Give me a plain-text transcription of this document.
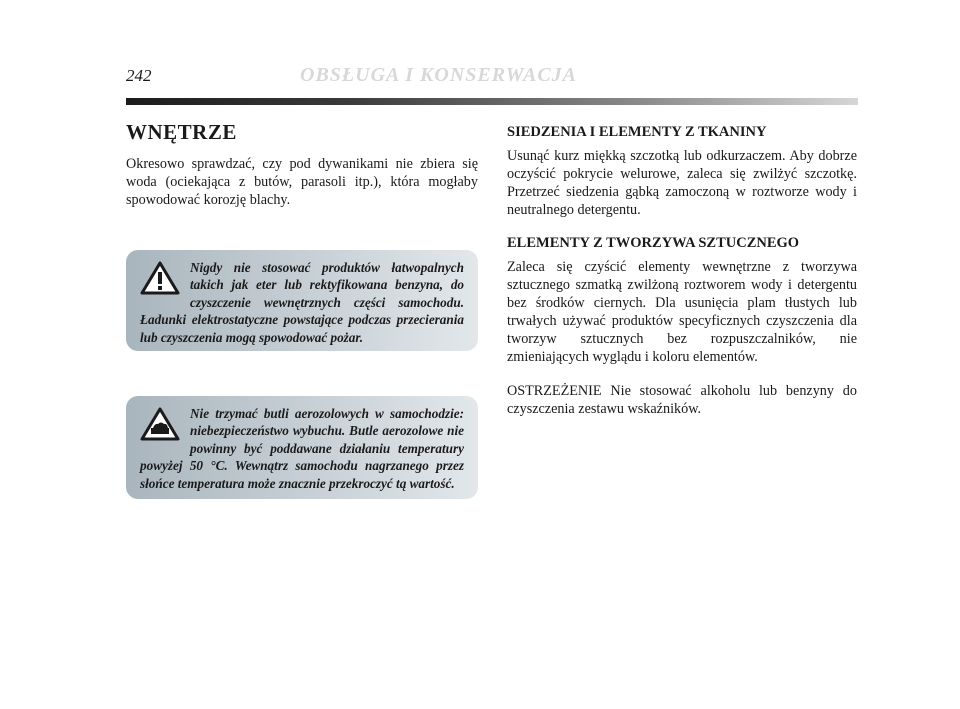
242	OBSŁUGA I KONSERWACJA
WNĘTRZE

Okresowo sprawdzać, czy pod dywanikami nie zbiera się woda (ociekająca z butów, parasoli itp.), która mogłaby spowodować korozję blachy.

Nigdy nie stosować produktów łatwopalnych takich jak eter lub rektyfikowana benzyna, do czyszczenie wewnętrznych części samochodu. Ładunki elektrostatyczne powstające podczas przecierania lub czyszczenia mogą spowodować pożar.

Nie trzymać butli aerozolowych w samochodzie: niebezpieczeństwo wybuchu. Butle aerozolowe nie powinny być poddawane działaniu temperatury powyżej 50 °C. Wewnątrz samochodu nagrzanego przez słońce temperatura może znacznie przekroczyć tą wartość.

SIEDZENIA I ELEMENTY Z TKANINY

Usunąć kurz miękką szczotką lub odkurzaczem. Aby dobrze oczyścić pokrycie welurowe, zaleca się zwilżyć szczotkę. Przetrzeć siedzenia gąbką zamoczoną w roztworze wody i neutralnego detergentu.

ELEMENTY Z TWORZYWA SZTUCZNEGO

Zaleca się czyścić elementy wewnętrzne z tworzywa sztucznego szmatką zwilżoną roztworem wody i detergentu bez środków ciernych. Dla usunięcia plam tłustych lub trwałych używać produktów specyficznych czyszczenia dla tworzyw sztucznych bez rozpuszczalników, nie zmieniających wyglądu i koloru elementów.

OSTRZEŻENIE Nie stosować alkoholu lub benzyny do czyszczenia zestawu wskaźników.
